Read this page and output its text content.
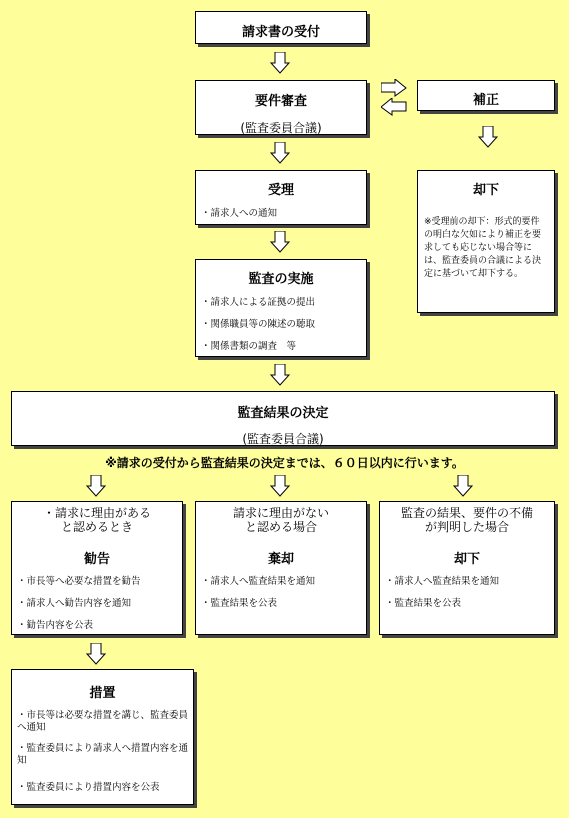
請求書の受付
要件審査
(監査委員合議)
補正
受理
・請求人への通知
却下
※受理前の却下：形式的要件の明白な欠如により補正を要求しても応じない場合等には、監査委員の合議による決定に基づいて却下する。
監査の実施
・請求人による証拠の提出
・関係職員等の陳述の聴取
・関係書類の調査　等
監査結果の決定
(監査委員合議)
※請求の受付から監査結果の決定までは、６０日以内に行います。
・請求に理由がある
と認めるとき
勧告
・市長等へ必要な措置を勧告
・請求人へ勧告内容を通知
・勧告内容を公表
請求に理由がない
と認める場合
棄却
・請求人へ監査結果を通知
・監査結果を公表
監査の結果、要件の不備
が判明した場合
却下
・請求人へ監査結果を通知
・監査結果を公表
措置
・市長等は必要な措置を講じ、監査委員へ通知
・監査委員により請求人へ措置内容を通知
・監査委員により措置内容を公表
